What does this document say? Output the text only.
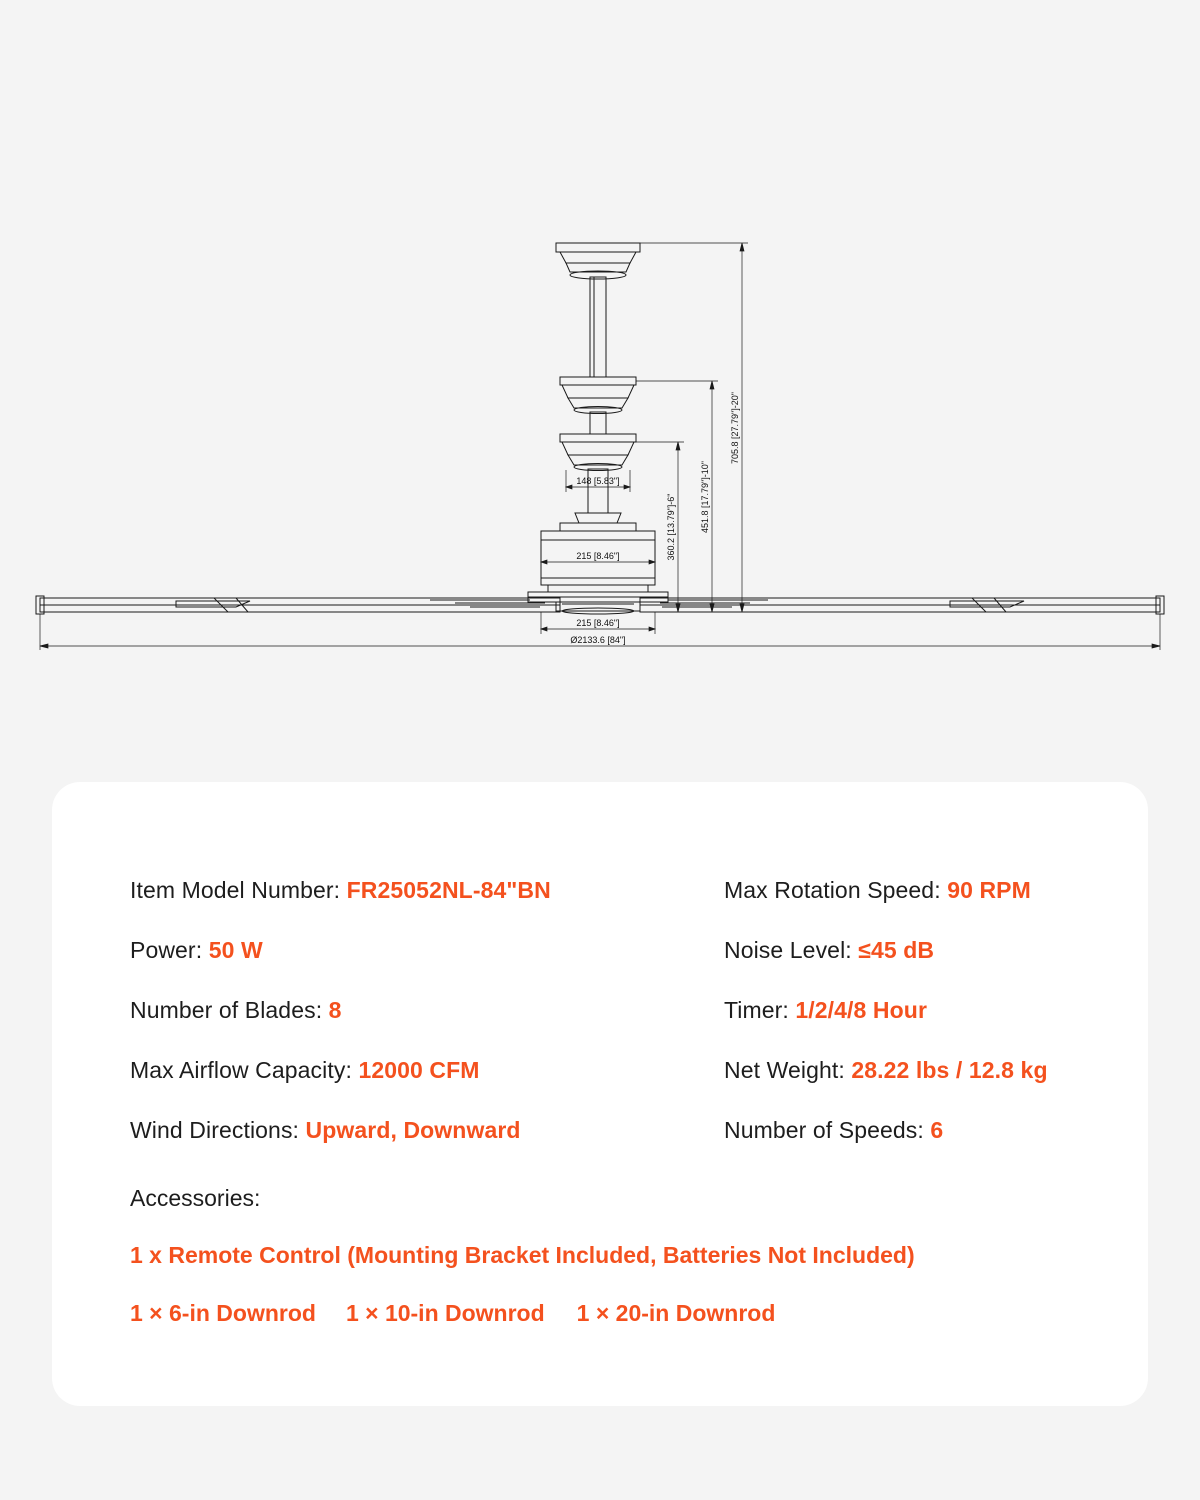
148 [5.83"]
215 [8.46"]
215 [8.46"]
Ø2133.6 [84"]
360.2 [13.79"]-6"	451.8 [17.79"]-10"
705.8 [27.79"]-20"
Item Model Number: FR25052NL-84"BN	Max Rotation Speed: 90 RPM
Power: 50 W	Noise Level: ≤45 dB
Number of Blades: 8	Timer: 1/2/4/8 Hour
Max Airflow Capacity: 12000 CFM	Net Weight: 28.22 lbs / 12.8 kg
Wind Directions: Upward, Downward	Number of Speeds: 6
Accessories:
1 x Remote Control (Mounting Bracket Included, Batteries Not Included)
1 × 6-in Downrod 1 × 10-in Downrod 1 × 20-in Downrod
